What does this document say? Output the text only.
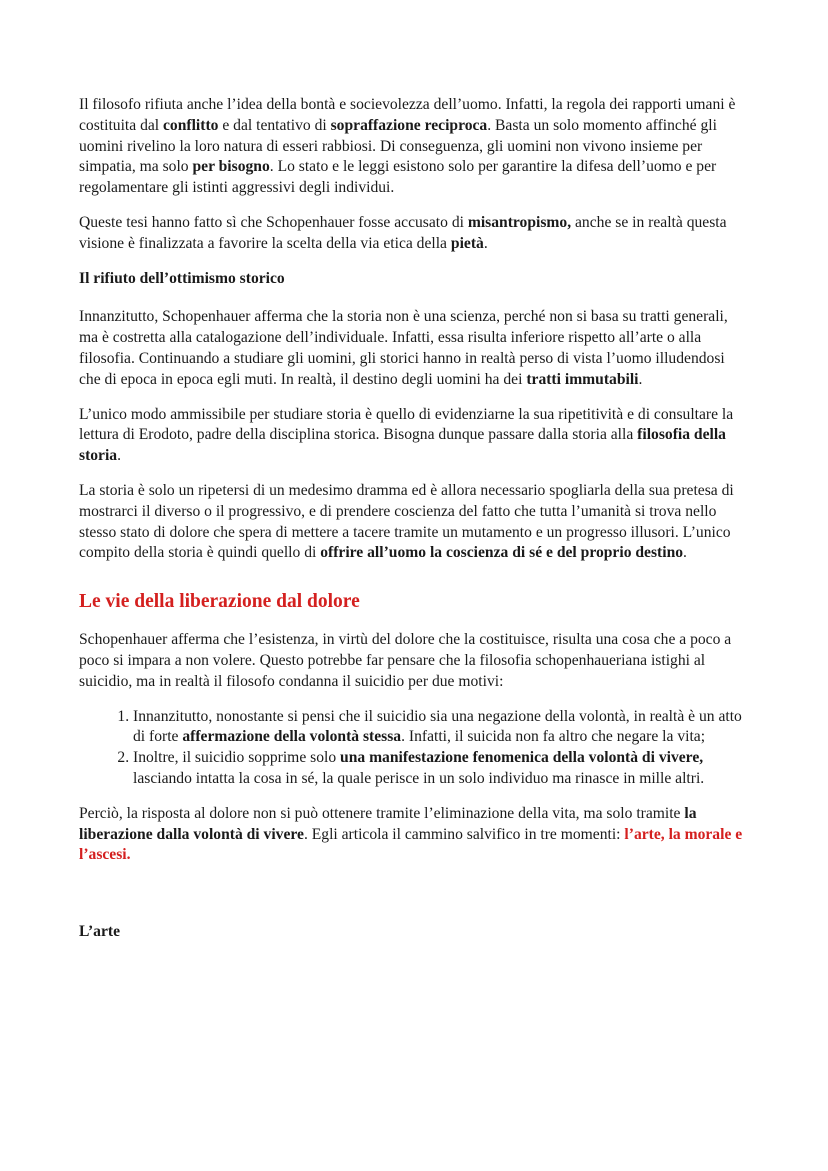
Il filosofo rifiuta anche l’idea della bontà e socievolezza dell’uomo. Infatti, la regola dei rapporti umani è costituita dal conflitto e dal tentativo di sopraffazione reciproca. Basta un solo momento affinché gli uomini rivelino la loro natura di esseri rabbiosi. Di conseguenza, gli uomini non vivono insieme per simpatia, ma solo per bisogno. Lo stato e le leggi esistono solo per garantire la difesa dell’uomo e per regolamentare gli istinti aggressivi degli individui.

Queste tesi hanno fatto sì che Schopenhauer fosse accusato di misantropismo, anche se in realtà questa visione è finalizzata a favorire la scelta della via etica della pietà.

Il rifiuto dell’ottimismo storico

Innanzitutto, Schopenhauer afferma che la storia non è una scienza, perché non si basa su tratti generali, ma è costretta alla catalogazione dell’individuale. Infatti, essa risulta inferiore rispetto all’arte o alla filosofia. Continuando a studiare gli uomini, gli storici hanno in realtà perso di vista l’uomo illudendosi che di epoca in epoca egli muti. In realtà, il destino degli uomini ha dei tratti immutabili.

L’unico modo ammissibile per studiare storia è quello di evidenziarne la sua ripetitività e di consultare la lettura di Erodoto, padre della disciplina storica. Bisogna dunque passare dalla storia alla filosofia della storia.

La storia è solo un ripetersi di un medesimo dramma ed è allora necessario spogliarla della sua pretesa di mostrarci il diverso o il progressivo, e di prendere coscienza del fatto che tutta l’umanità si trova nello stesso stato di dolore che spera di mettere a tacere tramite un mutamento e un progresso illusori. L’unico compito della storia è quindi quello di offrire all’uomo la coscienza di sé e del proprio destino.

Le vie della liberazione dal dolore

Schopenhauer afferma che l’esistenza, in virtù del dolore che la costituisce, risulta una cosa che a poco a poco si impara a non volere. Questo potrebbe far pensare che la filosofia schopenhaueriana istighi al suicidio, ma in realtà il filosofo condanna il suicidio per due motivi:

1. Innanzitutto, nonostante si pensi che il suicidio sia una negazione della volontà, in realtà è un atto di forte affermazione della volontà stessa. Infatti, il suicida non fa altro che negare la vita;
2. Inoltre, il suicidio sopprime solo una manifestazione fenomenica della volontà di vivere, lasciando intatta la cosa in sé, la quale perisce in un solo individuo ma rinasce in mille altri.

Perciò, la risposta al dolore non si può ottenere tramite l’eliminazione della vita, ma solo tramite la liberazione dalla volontà di vivere. Egli articola il cammino salvifico in tre momenti: l’arte, la morale e l’ascesi.

L’arte
